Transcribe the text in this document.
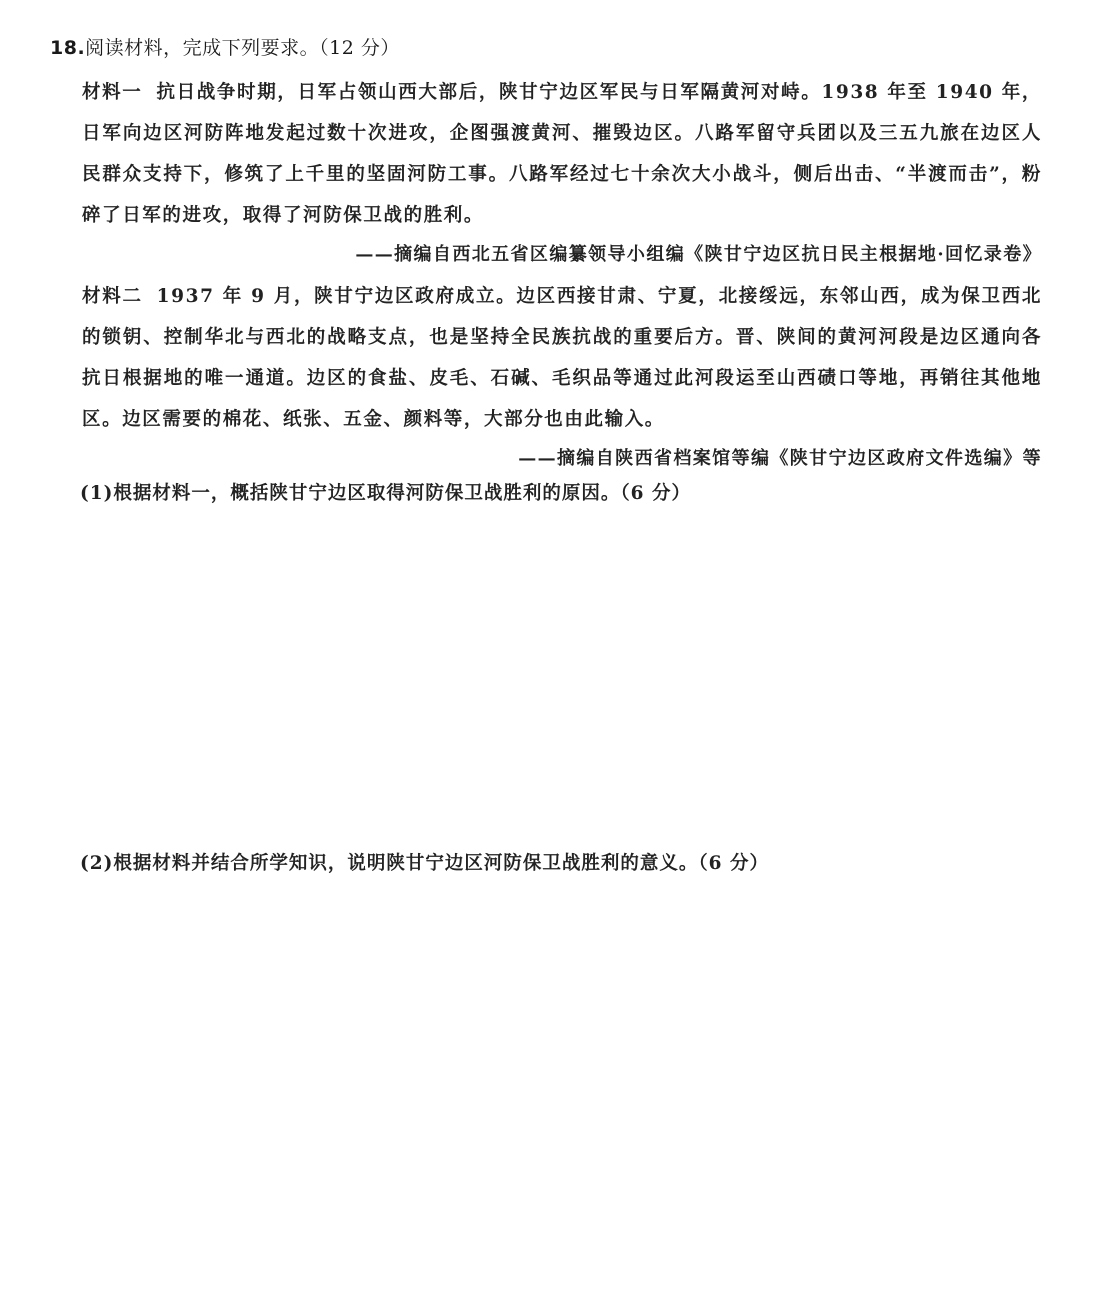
18.阅读材料，完成下列要求。（12 分）
材料一 抗日战争时期，日军占领山西大部后，陕甘宁边区军民与日军隔黄河对峙。1938 年至 1940 年，日军向边区河防阵地发起过数十次进攻，企图强渡黄河、摧毁边区。八路军留守兵团以及三五九旅在边区人民群众支持下，修筑了上千里的坚固河防工事。八路军经过七十余次大小战斗，侧后出击、“半渡而击”，粉碎了日军的进攻，取得了河防保卫战的胜利。
——摘编自西北五省区编纂领导小组编《陕甘宁边区抗日民主根据地·回忆录卷》
材料二 1937 年 9 月，陕甘宁边区政府成立。边区西接甘肃、宁夏，北接绥远，东邻山西，成为保卫西北的锁钥、控制华北与西北的战略支点，也是坚持全民族抗战的重要后方。晋、陕间的黄河河段是边区通向各抗日根据地的唯一通道。边区的食盐、皮毛、石碱、毛织品等通过此河段运至山西碛口等地，再销往其他地区。边区需要的棉花、纸张、五金、颜料等，大部分也由此输入。
——摘编自陕西省档案馆等编《陕甘宁边区政府文件选编》等
(1)根据材料一，概括陕甘宁边区取得河防保卫战胜利的原因。（6 分）
(2)根据材料并结合所学知识，说明陕甘宁边区河防保卫战胜利的意义。（6 分）
